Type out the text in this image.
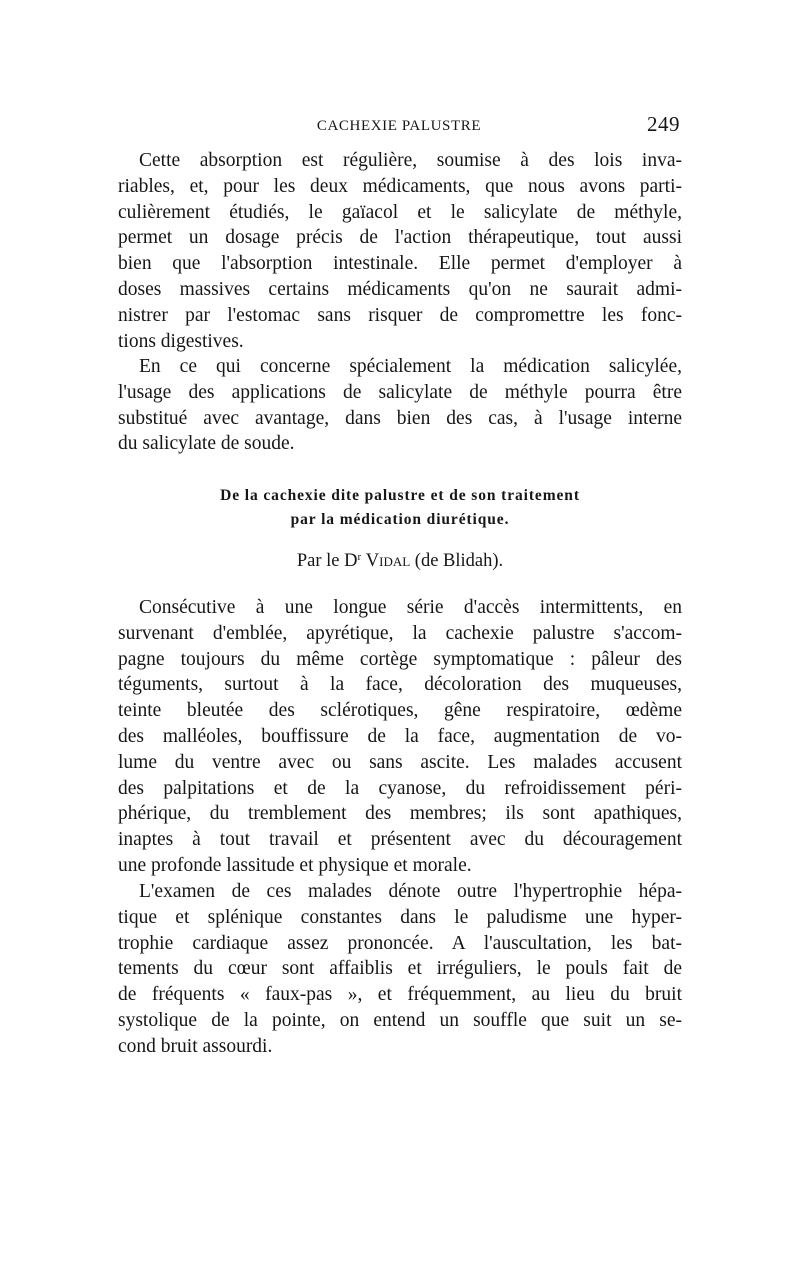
CACHEXIE PALUSTRE	249
Cette absorption est régulière, soumise à des lois inva-
riables, et, pour les deux médicaments, que nous avons parti-
culièrement étudiés, le gaïacol et le salicylate de méthyle,
permet un dosage précis de l'action thérapeutique, tout aussi
bien que l'absorption intestinale. Elle permet d'employer à
doses massives certains médicaments qu'on ne saurait admi-
nistrer par l'estomac sans risquer de compromettre les fonc-
tions digestives.
En ce qui concerne spécialement la médication salicylée,
l'usage des applications de salicylate de méthyle pourra être
substitué avec avantage, dans bien des cas, à l'usage interne
du salicylate de soude.
De la cachexie dite palustre et de son traitement
par la médication diurétique.
Par le $D^r$ Vidal (de Blidah).
Consécutive à une longue série d'accès intermittents, en
survenant d'emblée, apyrétique, la cachexie palustre s'accom-
pagne toujours du même cortège symptomatique : pâleur des
téguments, surtout à la face, décoloration des muqueuses,
teinte bleutée des sclérotiques, gêne respiratoire, œdème
des malléoles, bouffissure de la face, augmentation de vo-
lume du ventre avec ou sans ascite. Les malades accusent
des palpitations et de la cyanose, du refroidissement péri-
phérique, du tremblement des membres; ils sont apathiques,
inaptes à tout travail et présentent avec du découragement
une profonde lassitude et physique et morale.
L'examen de ces malades dénote outre l'hypertrophie hépa-
tique et splénique constantes dans le paludisme une hyper-
trophie cardiaque assez prononcée. A l'auscultation, les bat-
tements du cœur sont affaiblis et irréguliers, le pouls fait de
de fréquents « faux-pas », et fréquemment, au lieu du bruit
systolique de la pointe, on entend un souffle que suit un se-
cond bruit assourdi.
